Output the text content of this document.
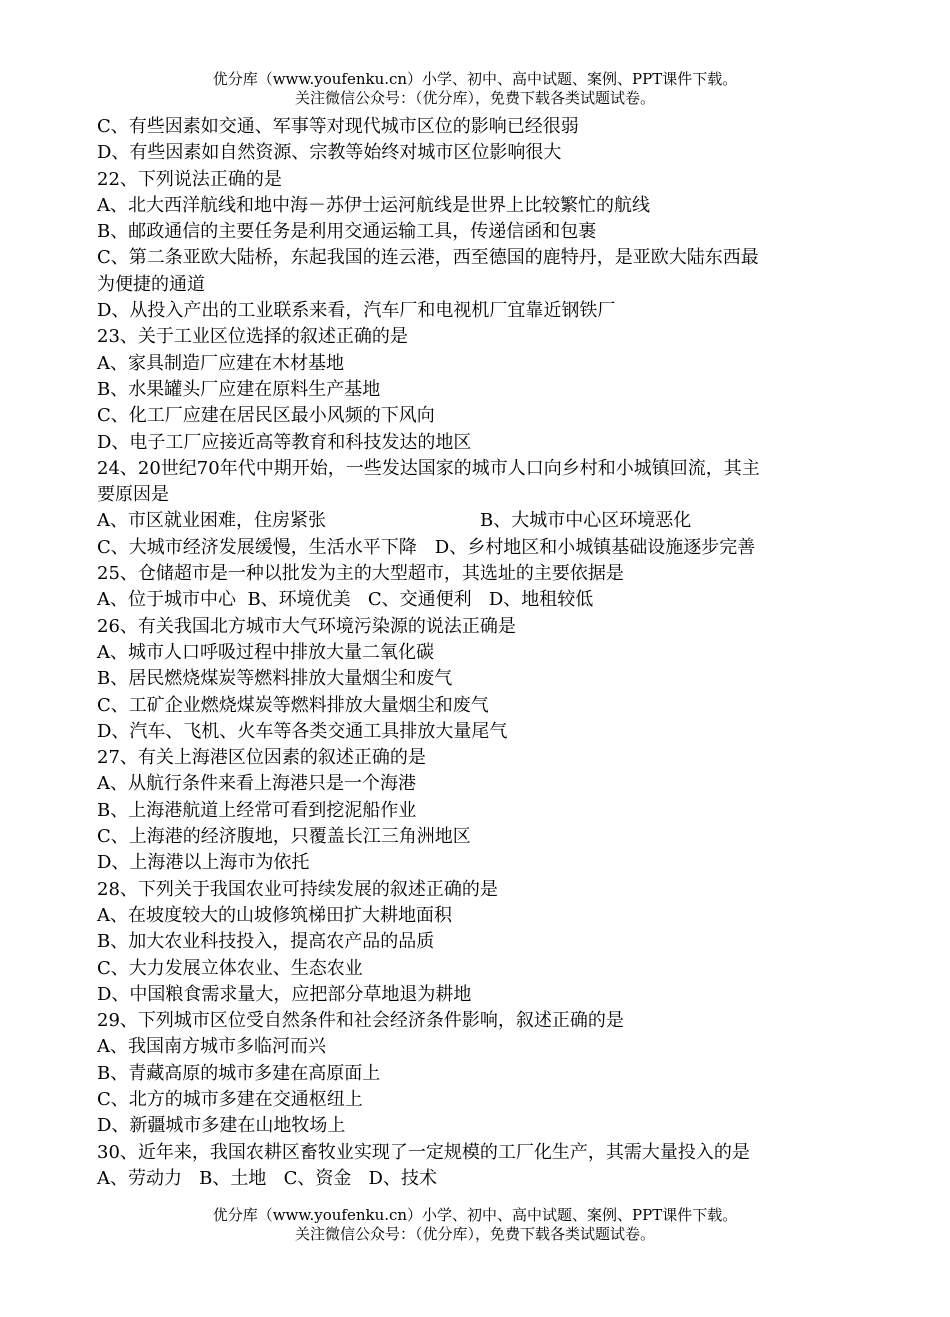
优分库（www.youfenku.cn）小学、初中、高中试题、案例、PPT课件下载。
关注微信公众号：（优分库），免费下载各类试题试卷。
C、有些因素如交通、军事等对现代城市区位的影响已经很弱
D、有些因素如自然资源、宗教等始终对城市区位影响很大
22、下列说法正确的是
A、北大西洋航线和地中海－苏伊士运河航线是世界上比较繁忙的航线
B、邮政通信的主要任务是利用交通运输工具，传递信函和包裹
C、第二条亚欧大陆桥，东起我国的连云港，西至德国的鹿特丹，是亚欧大陆东西最
为便捷的通道
D、从投入产出的工业联系来看，汽车厂和电视机厂宜靠近钢铁厂
23、关于工业区位选择的叙述正确的是
A、家具制造厂应建在木材基地
B、水果罐头厂应建在原料生产基地
C、化工厂应建在居民区最小风频的下风向
D、电子工厂应接近高等教育和科技发达的地区
24、20世纪70年代中期开始，一些发达国家的城市人口向乡村和小城镇回流，其主
要原因是
A、市区就业困难，住房紧张	B、大城市中心区环境恶化
C、大城市经济发展缓慢，生活水平下降 D、乡村地区和小城镇基础设施逐步完善
25、仓储超市是一种以批发为主的大型超市，其选址的主要依据是
A、位于城市中心 B、环境优美 C、交通便利 D、地租较低
26、有关我国北方城市大气环境污染源的说法正确是
A、城市人口呼吸过程中排放大量二氧化碳
B、居民燃烧煤炭等燃料排放大量烟尘和废气
C、工矿企业燃烧煤炭等燃料排放大量烟尘和废气
D、汽车、飞机、火车等各类交通工具排放大量尾气
27、有关上海港区位因素的叙述正确的是
A、从航行条件来看上海港只是一个海港
B、上海港航道上经常可看到挖泥船作业
C、上海港的经济腹地，只覆盖长江三角洲地区
D、上海港以上海市为依托
28、下列关于我国农业可持续发展的叙述正确的是
A、在坡度较大的山坡修筑梯田扩大耕地面积
B、加大农业科技投入，提高农产品的品质
C、大力发展立体农业、生态农业
D、中国粮食需求量大，应把部分草地退为耕地
29、下列城市区位受自然条件和社会经济条件影响，叙述正确的是
A、我国南方城市多临河而兴
B、青藏高原的城市多建在高原面上
C、北方的城市多建在交通枢纽上
D、新疆城市多建在山地牧场上
30、近年来，我国农耕区畜牧业实现了一定规模的工厂化生产，其需大量投入的是
A、劳动力 B、土地 C、资金 D、技术
优分库（www.youfenku.cn）小学、初中、高中试题、案例、PPT课件下载。
关注微信公众号：（优分库），免费下载各类试题试卷。
